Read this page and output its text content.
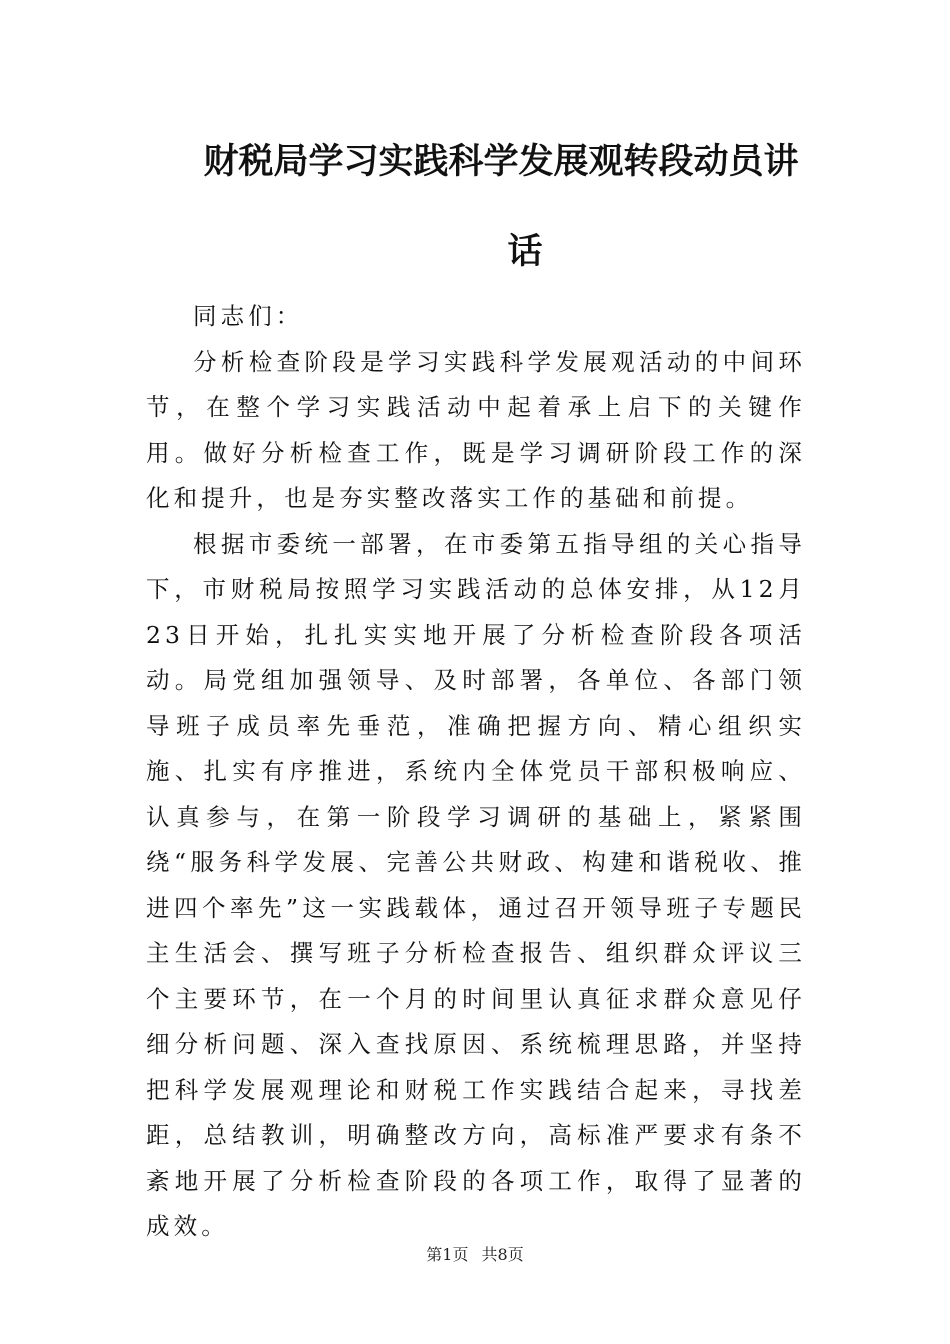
财税局学习实践科学发展观转段动员讲
话

同志们：

分析检查阶段是学习实践科学发展观活动的中间环节，在整个学习实践活动中起着承上启下的关键作用。做好分析检查工作，既是学习调研阶段工作的深化和提升，也是夯实整改落实工作的基础和前提。

根据市委统一部署，在市委第五指导组的关心指导下，市财税局按照学习实践活动的总体安排，从12月23日开始，扎扎实实地开展了分析检查阶段各项活动。局党组加强领导、及时部署，各单位、各部门领导班子成员率先垂范，准确把握方向、精心组织实施、扎实有序推进，系统内全体党员干部积极响应、认真参与，在第一阶段学习调研的基础上，紧紧围绕“服务科学发展、完善公共财政、构建和谐税收、推进四个率先”这一实践载体，通过召开领导班子专题民主生活会、撰写班子分析检查报告、组织群众评议三个主要环节，在一个月的时间里认真征求群众意见仔细分析问题、深入查找原因、系统梳理思路，并坚持把科学发展观理论和财税工作实践结合起来，寻找差距，总结教训，明确整改方向，高标准严要求有条不紊地开展了分析检查阶段的各项工作，取得了显著的成效。

第1页 共8页
